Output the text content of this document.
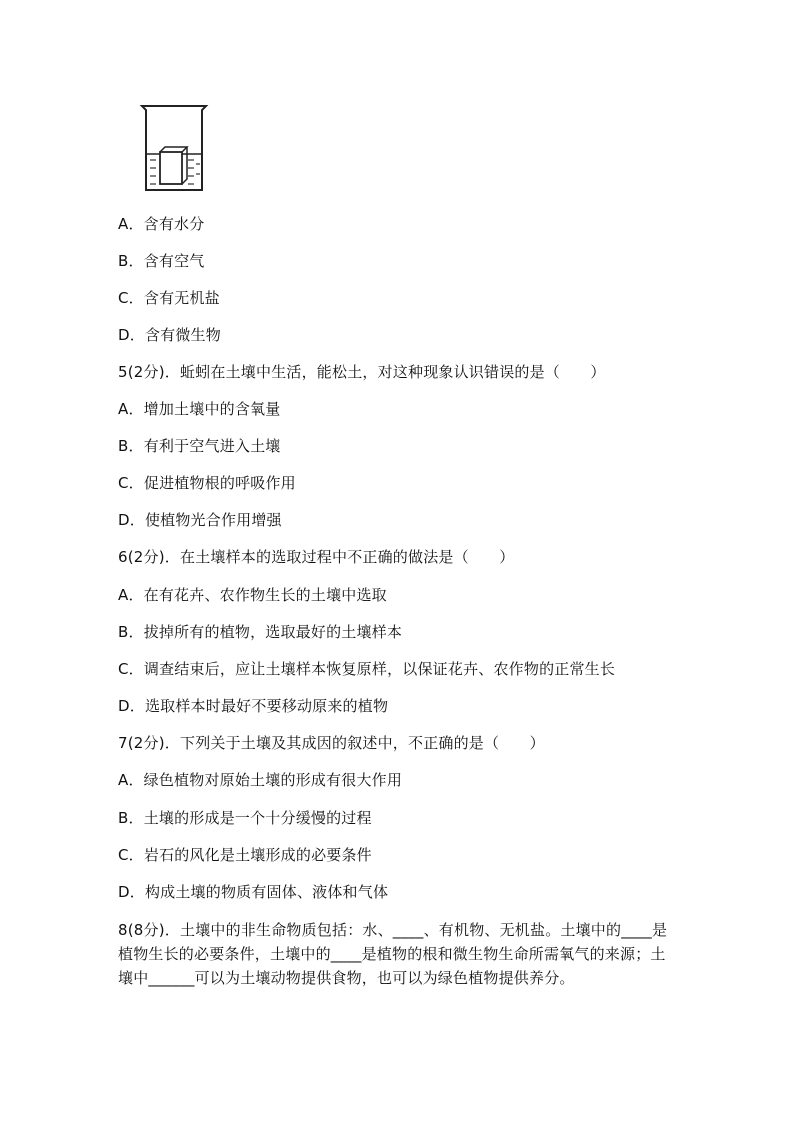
A．含有水分
B．含有空气
C．含有无机盐
D．含有微生物
5(2分)．蚯蚓在土壤中生活，能松土，对这种现象认识错误的是（　　）
A．增加土壤中的含氧量
B．有利于空气进入土壤
C．促进植物根的呼吸作用
D．使植物光合作用增强
6(2分)．在土壤样本的选取过程中不正确的做法是（　　）
A．在有花卉、农作物生长的土壤中选取
B．拔掉所有的植物，选取最好的土壤样本
C．调查结束后，应让土壤样本恢复原样，以保证花卉、农作物的正常生长
D．选取样本时最好不要移动原来的植物
7(2分)．下列关于土壤及其成因的叙述中，不正确的是（　　）
A．绿色植物对原始土壤的形成有很大作用
B．土壤的形成是一个十分缓慢的过程
C．岩石的风化是土壤形成的必要条件
D．构成土壤的物质有固体、液体和气体
8(8分)．土壤中的非生命物质包括：水、____、有机物、无机盐。土壤中的____是植物生长的必要条件，土壤中的____是植物的根和微生物生命所需氧气的来源；土壤中______可以为土壤动物提供食物，也可以为绿色植物提供养分。
